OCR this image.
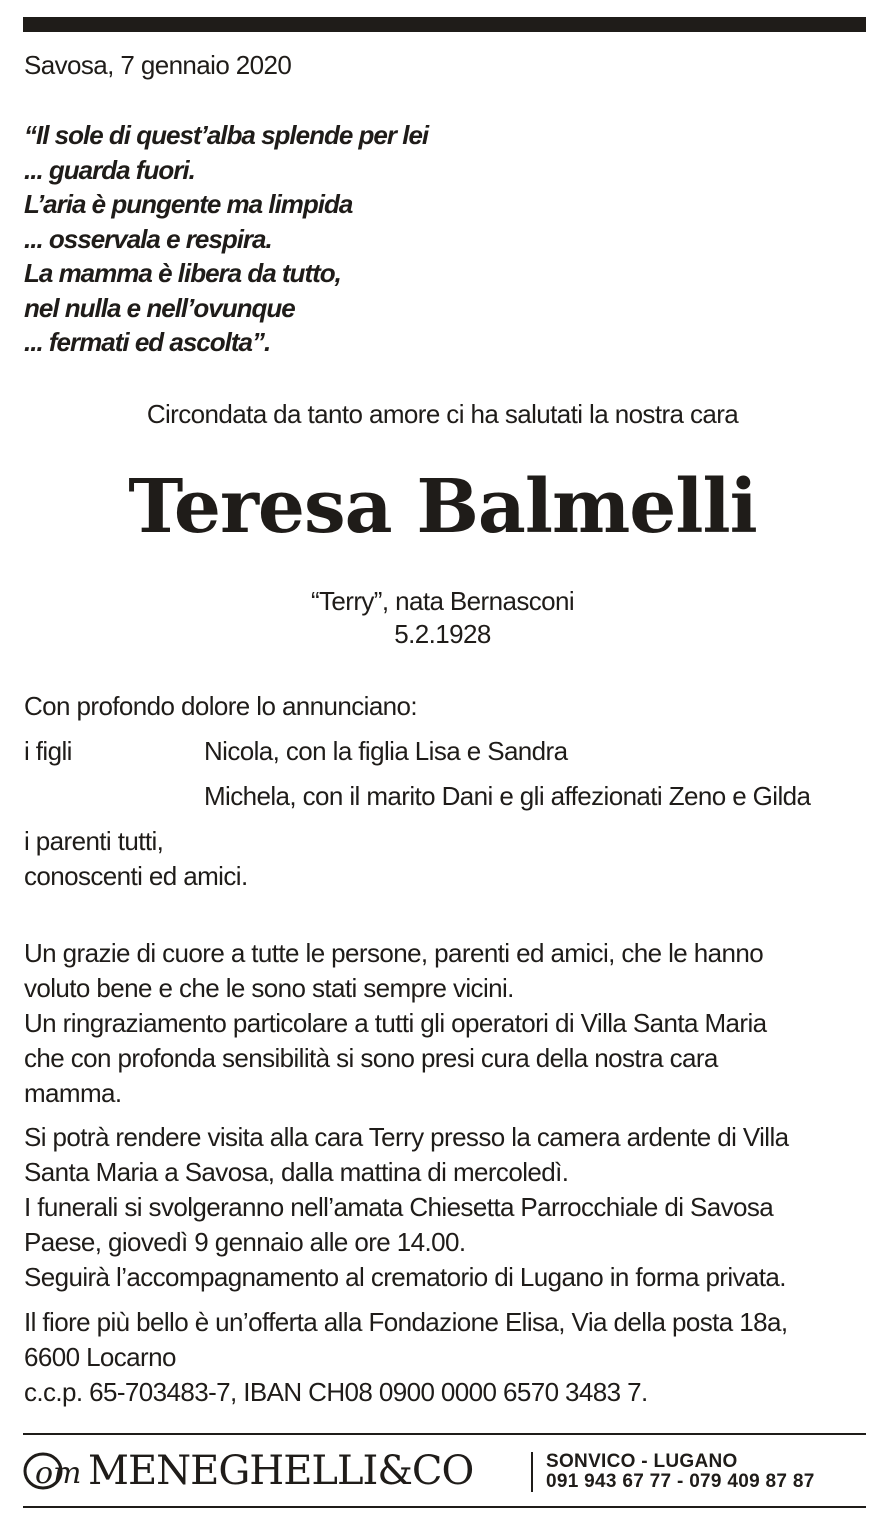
Savosa, 7 gennaio 2020
“Il sole di quest’alba splende per lei
... guarda fuori.
L’aria è pungente ma limpida
... osservala e respira.
La mamma è libera da tutto,
nel nulla e nell’ovunque
... fermati ed ascolta”.
Circondata da tanto amore ci ha salutati la nostra cara
Teresa Balmelli
“Terry”, nata Bernasconi
5.2.1928
Con profondo dolore lo annunciano:
i figli	Nicola, con la figlia Lisa e Sandra
Michela, con il marito Dani e gli affezionati Zeno e Gilda
i parenti tutti,
conoscenti ed amici.
Un grazie di cuore a tutte le persone, parenti ed amici, che le hanno
voluto bene e che le sono stati sempre vicini.
Un ringraziamento particolare a tutti gli operatori di Villa Santa Maria
che con profonda sensibilità si sono presi cura della nostra cara
mamma.
Si potrà rendere visita alla cara Terry presso la camera ardente di Villa
Santa Maria a Savosa, dalla mattina di mercoledì.
I funerali si svolgeranno nell’amata Chiesetta Parrocchiale di Savosa
Paese, giovedì 9 gennaio alle ore 14.00.
Seguirà l’accompagnamento al crematorio di Lugano in forma privata.
Il fiore più bello è un’offerta alla Fondazione Elisa, Via della posta 18a,
6600 Locarno
c.c.p. 65-703483-7, IBAN CH08 0900 0000 6570 3483 7.
om MENEGHELLI&CO	SONVICO - LUGANO
091 943 67 77 - 079 409 87 87
